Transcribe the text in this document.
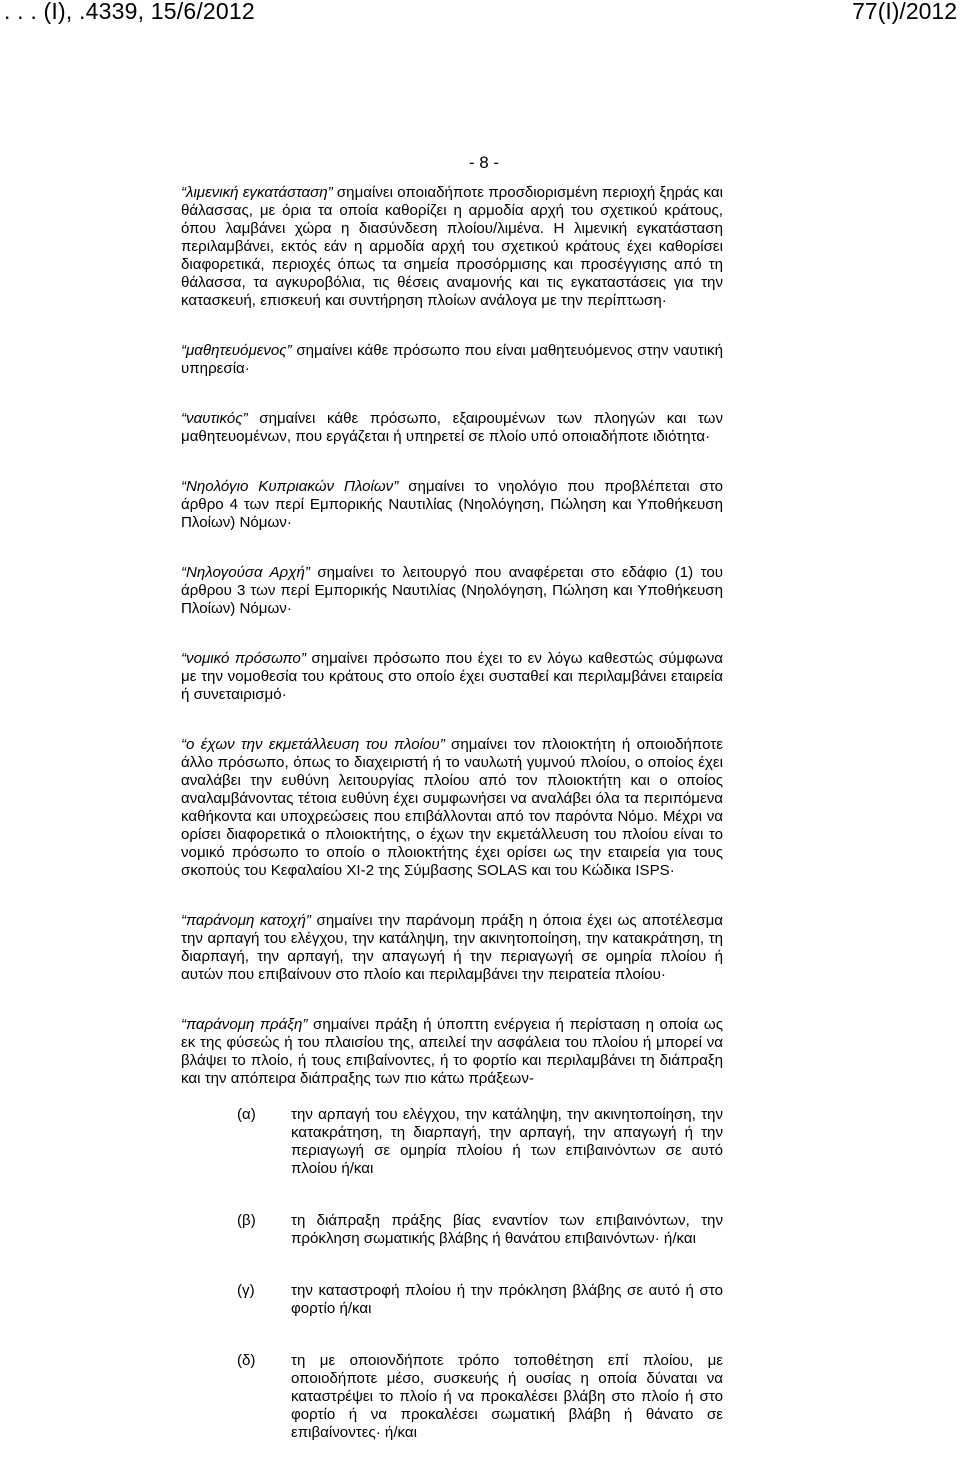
. . . (Ι), .4339, 15/6/2012	77(Ι)/2012
- 8 -

“λιμενική εγκατάσταση” σημαίνει οποιαδήποτε προσδιορισμένη περιοχή ξηράς και θάλασσας, με όρια τα οποία καθορίζει η αρμοδία αρχή του σχετικού κράτους, όπου λαμβάνει χώρα η διασύνδεση πλοίου/λιμένα. Η λιμενική εγκατάσταση περιλαμβάνει, εκτός εάν η αρμοδία αρχή του σχετικού κράτους έχει καθορίσει διαφορετικά, περιοχές όπως τα σημεία προσόρμισης και προσέγγισης από τη θάλασσα, τα αγκυροβόλια, τις θέσεις αναμονής και τις εγκαταστάσεις για την κατασκευή, επισκευή και συντήρηση πλοίων ανάλογα με την περίπτωση·

“μαθητευόμενος” σημαίνει κάθε πρόσωπο που είναι μαθητευόμενος στην ναυτική υπηρεσία·

“ναυτικός” σημαίνει κάθε πρόσωπο, εξαιρουμένων των πλοηγών και των μαθητευομένων, που εργάζεται ή υπηρετεί σε πλοίο υπό οποιαδήποτε ιδιότητα·

“Νηολόγιο Κυπριακών Πλοίων” σημαίνει το νηολόγιο που προβλέπεται στο άρθρο 4 των περί Εμπορικής Ναυτιλίας (Νηολόγηση, Πώληση και Υποθήκευση Πλοίων) Νόμων·

“Νηλογούσα Αρχή” σημαίνει το λειτουργό που αναφέρεται στο εδάφιο (1) του άρθρου 3 των περί Εμπορικής Ναυτιλίας (Νηολόγηση, Πώληση και Υποθήκευση Πλοίων) Νόμων·

“νομικό πρόσωπο” σημαίνει πρόσωπο που έχει το εν λόγω καθεστώς σύμφωνα με την νομοθεσία του κράτους στο οποίο έχει συσταθεί και περιλαμβάνει εταιρεία ή συνεταιρισμό·

“ο έχων την εκμετάλλευση του πλοίου” σημαίνει τον πλοιοκτήτη ή οποιοδήποτε άλλο πρόσωπο, όπως το διαχειριστή ή το ναυλωτή γυμνού πλοίου, ο οποίος έχει αναλάβει την ευθύνη λειτουργίας πλοίου από τον πλοιοκτήτη και ο οποίος αναλαμβάνοντας τέτοια ευθύνη έχει συμφωνήσει να αναλάβει όλα τα περιπόμενα καθήκοντα και υποχρεώσεις που επιβάλλονται από τον παρόντα Νόμο. Μέχρι να ορίσει διαφορετικά ο πλοιοκτήτης, ο έχων την εκμετάλλευση του πλοίου είναι το νομικό πρόσωπο το οποίο ο πλοιοκτήτης έχει ορίσει ως την εταιρεία για τους σκοπούς του Κεφαλαίου XI-2 της Σύμβασης SOLAS και του Κώδικα ISPS·

“παράνομη κατοχή” σημαίνει την παράνομη πράξη η όποια έχει ως αποτέλεσμα την αρπαγή του ελέγχου, την κατάληψη, την ακινητοποίηση, την κατακράτηση, τη διαρπαγή, την αρπαγή, την απαγωγή ή την περιαγωγή σε ομηρία πλοίου ή αυτών που επιβαίνουν στο πλοίο και περιλαμβάνει την πειρατεία πλοίου·

“παράνομη πράξη” σημαίνει πράξη ή ύποπτη ενέργεια ή περίσταση η οποία ως εκ της φύσεώς ή του πλαισίου της, απειλεί την ασφάλεια του πλοίου ή μπορεί να βλάψει το πλοίο, ή τους επιβαίνοντες, ή το φορτίο και περιλαμβάνει τη διάπραξη και την απόπειρα διάπραξης των πιο κάτω πράξεων-

(α) την αρπαγή του ελέγχου, την κατάληψη, την ακινητοποίηση, την κατακράτηση, τη διαρπαγή, την αρπαγή, την απαγωγή ή την περιαγωγή σε ομηρία πλοίου ή των επιβαινόντων σε αυτό πλοίου ή/και

(β) τη διάπραξη πράξης βίας εναντίον των επιβαινόντων, την πρόκληση σωματικής βλάβης ή θανάτου επιβαινόντων· ή/και

(γ) την καταστροφή πλοίου ή την πρόκληση βλάβης σε αυτό ή στο φορτίο ή/και

(δ) τη με οποιονδήποτε τρόπο τοποθέτηση επί πλοίου, με οποιοδήποτε μέσο, συσκευής ή ουσίας η οποία δύναται να καταστρέψει το πλοίο ή να προκαλέσει βλάβη στο πλοίο ή στο φορτίο ή να προκαλέσει σωματική βλάβη ή θάνατο σε επιβαίνοντες· ή/και
